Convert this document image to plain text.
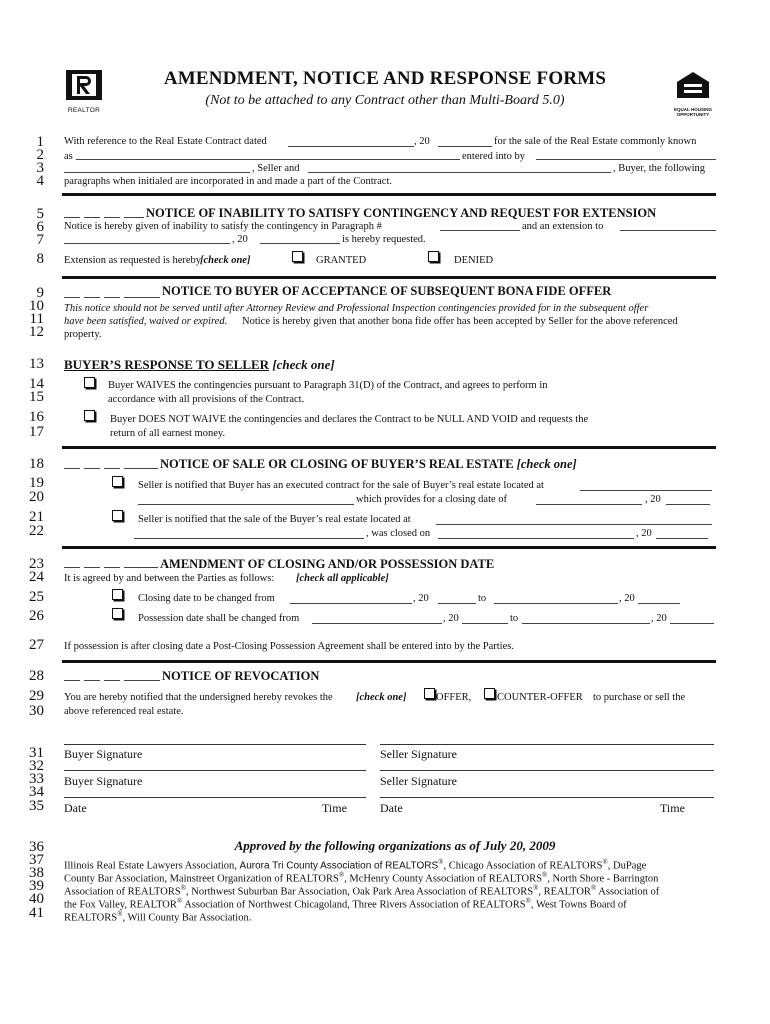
REALTOR
AMENDMENT, NOTICE AND RESPONSE FORMS
(Not to be attached to any Contract other than Multi-Board 5.0)
EQUAL HOUSING
OPPORTUNITY
1
2
3
4
5
6
7
8
9
10
11
12
13
14
15
16
17
18
19
20
21
22
23
24
25
26
27
28
29
30
31
32
33
34
35
36
37
38
39
40
41
With reference to the Real Estate Contract dated	, 20	for the sale of the Real Estate commonly known
as	entered into by
, Seller and	, Buyer, the following
paragraphs when initialed are incorporated in and made a part of the Contract.
NOTICE OF INABILITY TO SATISFY CONTINGENCY AND REQUEST FOR EXTENSION
Notice is hereby given of inability to satisfy the contingency in Paragraph #	and an extension to
, 20	is hereby requested.
Extension as requested is hereby
[check one]	GRANTED	DENIED
NOTICE TO BUYER OF ACCEPTANCE OF SUBSEQUENT BONA FIDE OFFER
This notice should not be served until after Attorney Review and Professional Inspection contingencies provided for in the subsequent offer
have been satisfied, waived or expired. Notice is hereby given that another bona fide offer has been accepted by Seller for the above referenced
property.
BUYER’S RESPONSE TO SELLER [check one]
Buyer WAIVES the contingencies pursuant to Paragraph 31(D) of the Contract, and agrees to perform in
accordance with all provisions of the Contract.
Buyer DOES NOT WAIVE the contingencies and declares the Contract to be NULL AND VOID and requests the
return of all earnest money.
NOTICE OF SALE OR CLOSING OF BUYER’S REAL ESTATE [check one]
Seller is notified that Buyer has an executed contract for the sale of Buyer’s real estate located at
which provides for a closing date of	, 20
Seller is notified that the sale of the Buyer’s real estate located at
, was closed on	, 20
AMENDMENT OF CLOSING AND/OR POSSESSION DATE
It is agreed by and between the Parties as follows: [check all applicable]
Closing date to be changed from	, 20	to	, 20
Possession date shall be changed from	, 20	to	, 20
If possession is after closing date a Post-Closing Possession Agreement shall be entered into by the Parties.
NOTICE OF REVOCATION
You are hereby notified that the undersigned hereby revokes the [check one]	OFFER, COUNTER-OFFER to purchase or sell the
above referenced real estate.
Buyer Signature	Seller Signature
Buyer Signature	Seller Signature
Date	Time	Date	Time
Approved by the following organizations as of July 20, 2009
Illinois Real Estate Lawyers Association, Aurora Tri County Association of REALTORS®, Chicago Association of REALTORS®, DuPage
County Bar Association, Mainstreet Organization of REALTORS®, McHenry County Association of REALTORS®, North Shore - Barrington
Association of REALTORS®, Northwest Suburban Bar Association, Oak Park Area Association of REALTORS®, REALTOR® Association of
the Fox Valley, REALTOR® Association of Northwest Chicagoland, Three Rivers Association of REALTORS®, West Towns Board of
REALTORS®, Will County Bar Association.
